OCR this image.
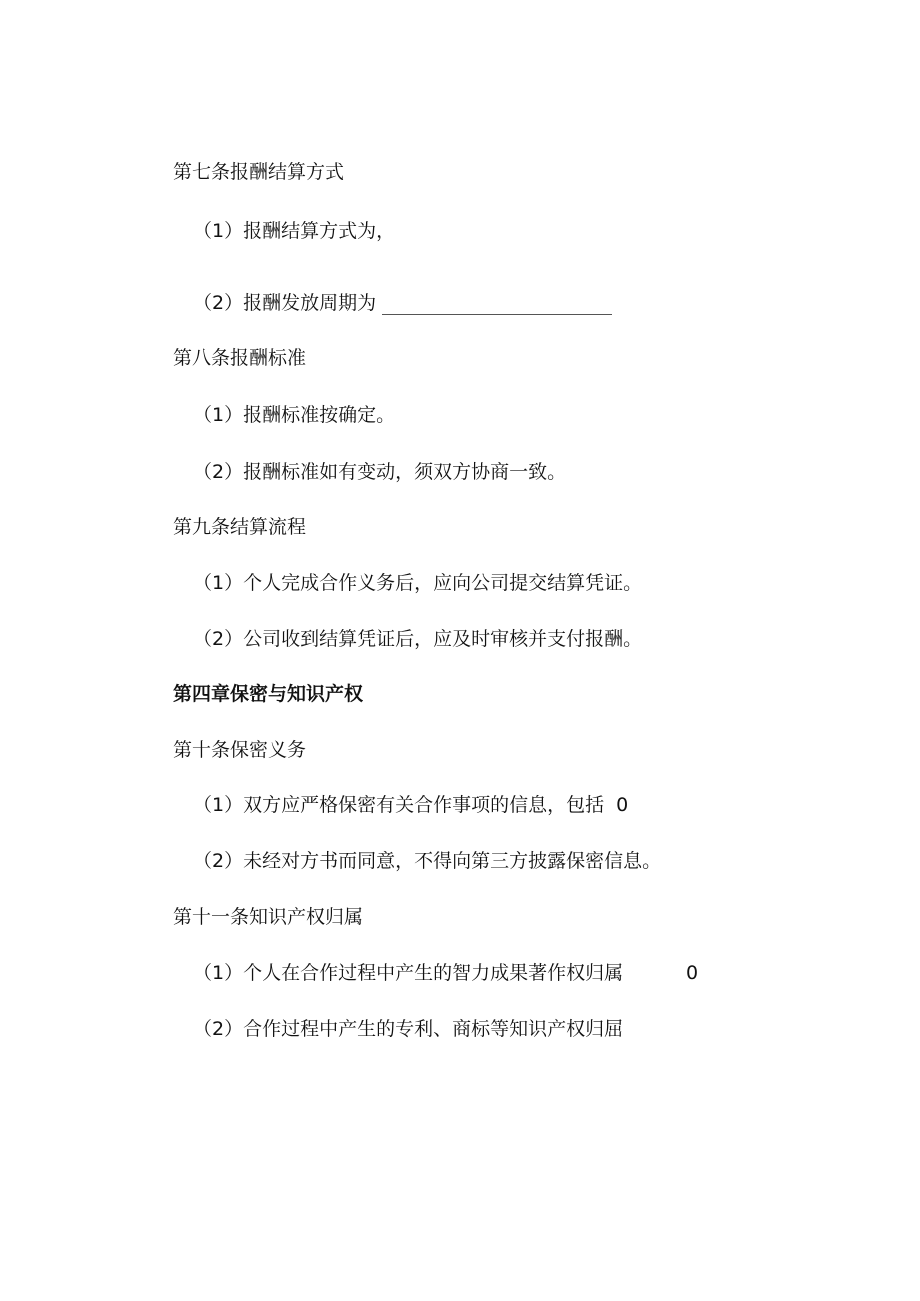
第七条报酬结算方式
（1）报酬结算方式为，
（2）报酬发放周期为
第八条报酬标准
（1）报酬标准按确定。
（2）报酬标准如有变动，须双方协商一致。
第九条结算流程
（1）个人完成合作义务后，应向公司提交结算凭证。
（2）公司收到结算凭证后，应及时审核并支付报酬。
第四章保密与知识产权
第十条保密义务
（1）双方应严格保密有关合作事项的信息，包括 0
（2）未经对方书而同意，不得向第三方披露保密信息。
第十一条知识产权归属
（1）个人在合作过程中产生的智力成果著作权归属	0
（2）合作过程中产生的专利、商标等知识产权归屈
